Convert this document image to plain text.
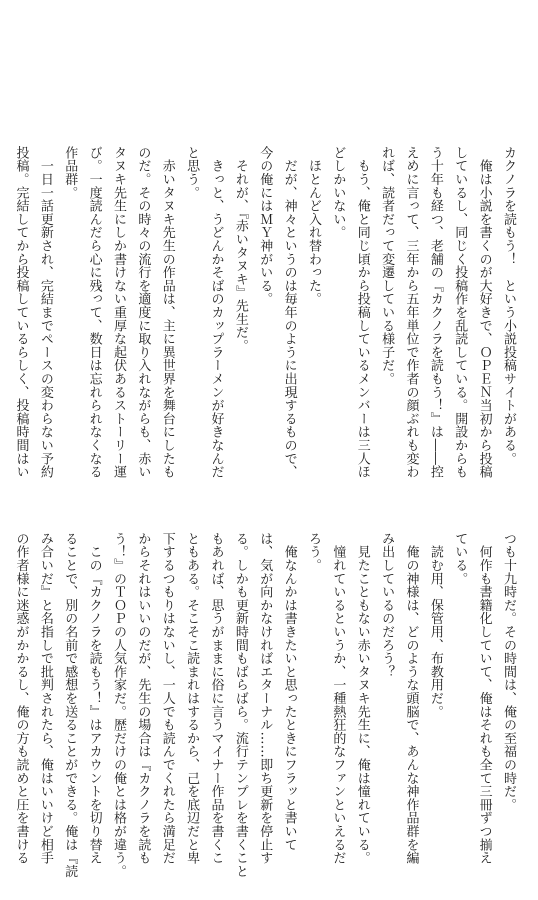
カクノラを読もう！　という小説投稿サイトがある。

　俺は小説を書くのが大好きで、ＯＰＥＮ当初から投稿

しているし、同じく投稿作を乱読している。開設からも

う十年も経つ、老舗の『カクノラを読もう！』は――控

えめに言って、三年から五年単位で作者の顔ぶれも変わ

れば、読者だって変遷している様子だ。

　もう、俺と同じ頃から投稿しているメンバーは三人ほ

どしかいない。

　ほとんど入れ替わった。

　だが、神々というのは毎年のように出現するもので、

今の俺にはＭＹ神がいる。

　それが、『赤いタヌキ』先生だ。

　きっと、うどんかそばのカップラーメンが好きなんだ

と思う。

　赤いタヌキ先生の作品は、主に異世界を舞台にしたも

のだ。その時々の流行を適度に取り入れながらも、赤い

タヌキ先生にしか書けない重厚な起伏あるストーリー運

び。一度読んだら心に残って、数日は忘れられなくなる

作品群。

　一日一話更新され、完結までペースの変わらない予約

投稿。完結してから投稿しているらしく、投稿時間はい

つも十九時だ。その時間は、俺の至福の時だ。

　何作も書籍化していて、俺はそれも全て三冊ずつ揃え

ている。

　読む用、保管用、布教用だ。

　俺の神様は、どのような頭脳で、あんな神作品群を編

み出しているのだろう？

　見たこともない赤いタヌキ先生に、俺は憧れている。

　憧れているというか、一種熱狂的なファンといえるだ

ろう。

　俺なんかは書きたいと思ったときにフラッと書いて

は、気が向かなければエターナル……即ち更新を停止す

る。しかも更新時間もばらばら。流行テンプレを書くこと

もあれば、思うがままに俗に言うマイナー作品を書くこ

ともある。そこそこ読まれはするから、己を底辺だと卑

下するつもりはないし、一人でも読んでくれたら満足だ

からそれはいいのだが、先生の場合は『カクノラを読も

う！』のＴＯＰの人気作家だ。歴だけの俺とは格が違う。

　この『カクノラを読もう！』はアカウントを切り替え

ることで、別の名前で感想を送ることができる。俺は『読

み合いだ』と名指しで批判されたら、俺はいいけど相手

の作者様に迷惑がかかるし、俺の方も読めと圧を書ける
